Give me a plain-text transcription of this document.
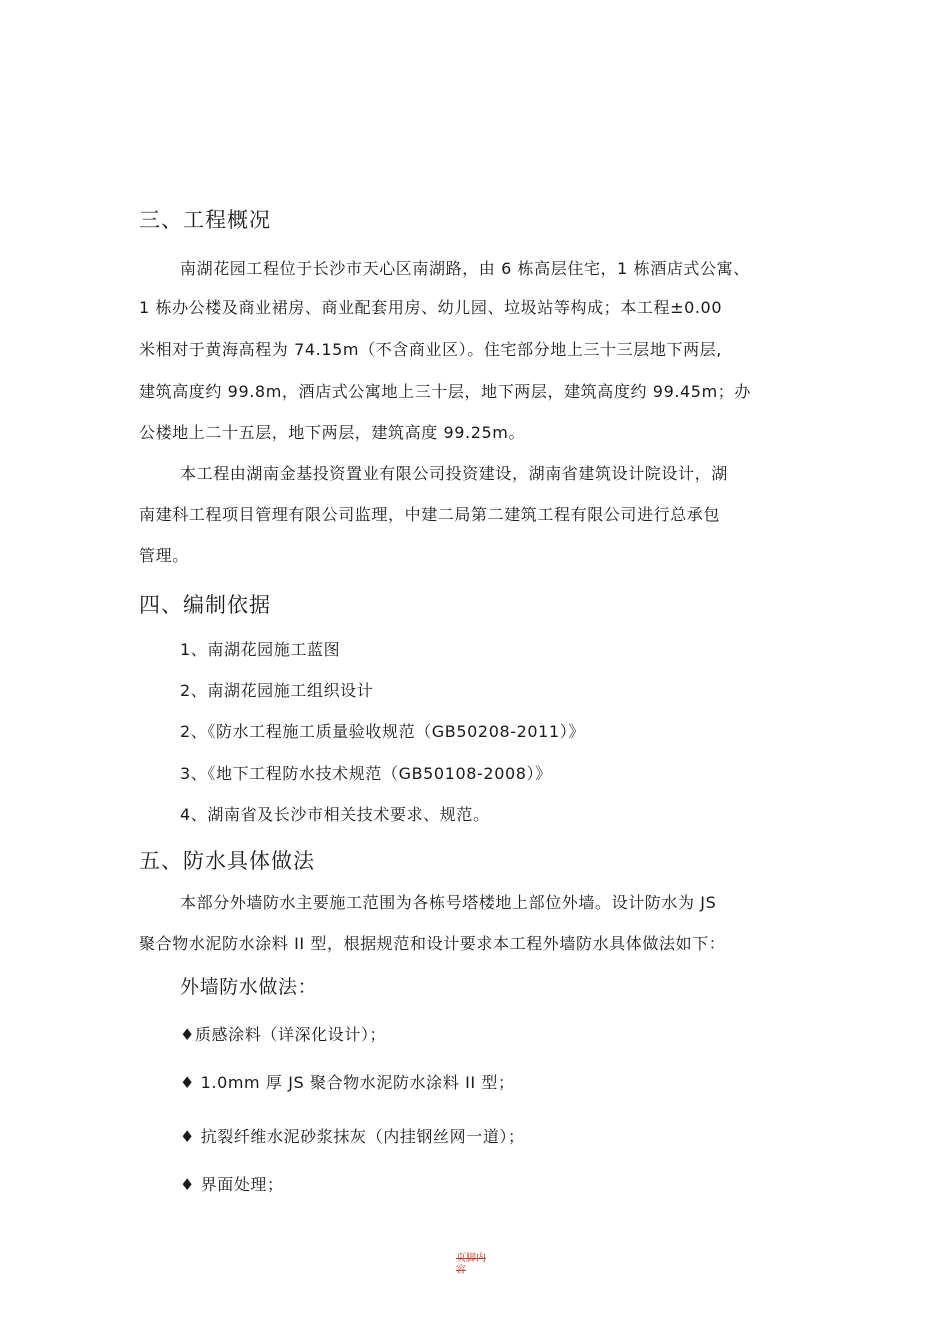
三、工程概况
南湖花园工程位于长沙市天心区南湖路，由 6 栋高层住宅，1 栋酒店式公寓、
1 栋办公楼及商业裙房、商业配套用房、幼儿园、垃圾站等构成；本工程±0.00
米相对于黄海高程为 74.15m（不含商业区）。住宅部分地上三十三层地下两层,
建筑高度约 99.8m，酒店式公寓地上三十层，地下两层，建筑高度约 99.45m；办
公楼地上二十五层，地下两层，建筑高度 99.25m。
本工程由湖南金基投资置业有限公司投资建设，湖南省建筑设计院设计，湖
南建科工程项目管理有限公司监理，中建二局第二建筑工程有限公司进行总承包
管理。
四、编制依据
1、南湖花园施工蓝图
2、南湖花园施工组织设计
2、《防水工程施工质量验收规范（GB50208-2011）》
3、《地下工程防水技术规范（GB50108-2008）》
4、湖南省及长沙市相关技术要求、规范。
五、防水具体做法
本部分外墙防水主要施工范围为各栋号塔楼地上部位外墙。设计防水为 JS
聚合物水泥防水涂料 II 型，根据规范和设计要求本工程外墙防水具体做法如下：
外墙防水做法：
♦质感涂料（详深化设计）；
♦ 1.0mm 厚 JS 聚合物水泥防水涂料 II 型；
♦ 抗裂纤维水泥砂浆抹灰（内挂钢丝网一道）；
♦ 界面处理；
页脚内容
